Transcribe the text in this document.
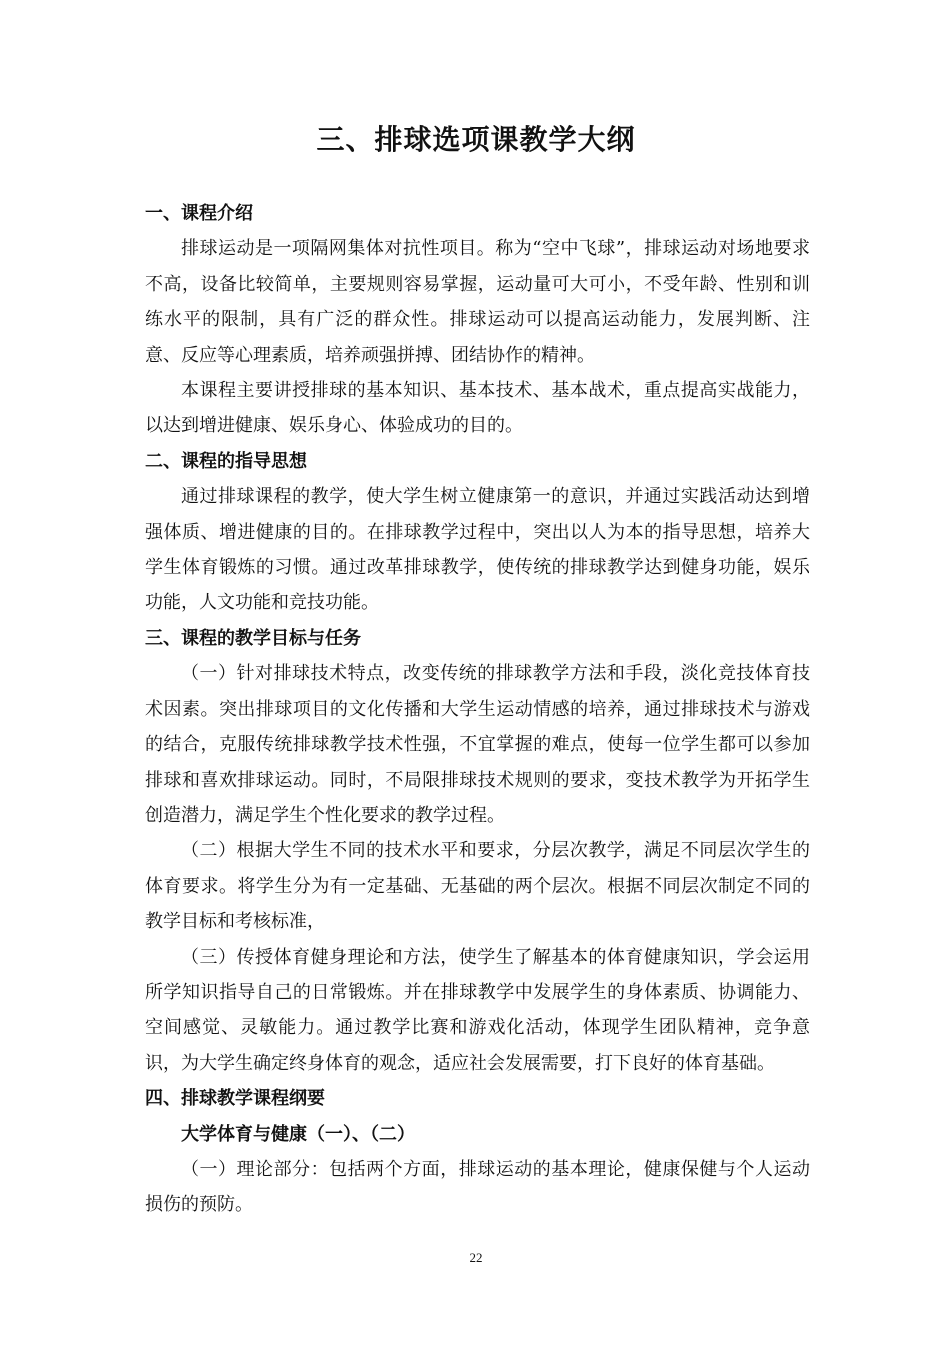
三、排球选项课教学大纲

一、课程介绍

排球运动是一项隔网集体对抗性项目。称为“空中飞球”，排球运动对场地要求不高，设备比较简单，主要规则容易掌握，运动量可大可小，不受年龄、性别和训练水平的限制，具有广泛的群众性。排球运动可以提高运动能力，发展判断、注意、反应等心理素质，培养顽强拼搏、团结协作的精神。

本课程主要讲授排球的基本知识、基本技术、基本战术，重点提高实战能力，以达到增进健康、娱乐身心、体验成功的目的。

二、课程的指导思想

通过排球课程的教学，使大学生树立健康第一的意识，并通过实践活动达到增强体质、增进健康的目的。在排球教学过程中，突出以人为本的指导思想，培养大学生体育锻炼的习惯。通过改革排球教学，使传统的排球教学达到健身功能，娱乐功能，人文功能和竞技功能。

三、课程的教学目标与任务

（一）针对排球技术特点，改变传统的排球教学方法和手段，淡化竞技体育技术因素。突出排球项目的文化传播和大学生运动情感的培养，通过排球技术与游戏的结合，克服传统排球教学技术性强，不宜掌握的难点，使每一位学生都可以参加排球和喜欢排球运动。同时，不局限排球技术规则的要求，变技术教学为开拓学生创造潜力，满足学生个性化要求的教学过程。

（二）根据大学生不同的技术水平和要求，分层次教学，满足不同层次学生的体育要求。将学生分为有一定基础、无基础的两个层次。根据不同层次制定不同的教学目标和考核标准，

（三）传授体育健身理论和方法，使学生了解基本的体育健康知识，学会运用所学知识指导自己的日常锻炼。并在排球教学中发展学生的身体素质、协调能力、空间感觉、灵敏能力。通过教学比赛和游戏化活动，体现学生团队精神，竞争意识，为大学生确定终身体育的观念，适应社会发展需要，打下良好的体育基础。

四、排球教学课程纲要

大学体育与健康（一）、（二）

（一）理论部分：包括两个方面，排球运动的基本理论，健康保健与个人运动损伤的预防。

22
